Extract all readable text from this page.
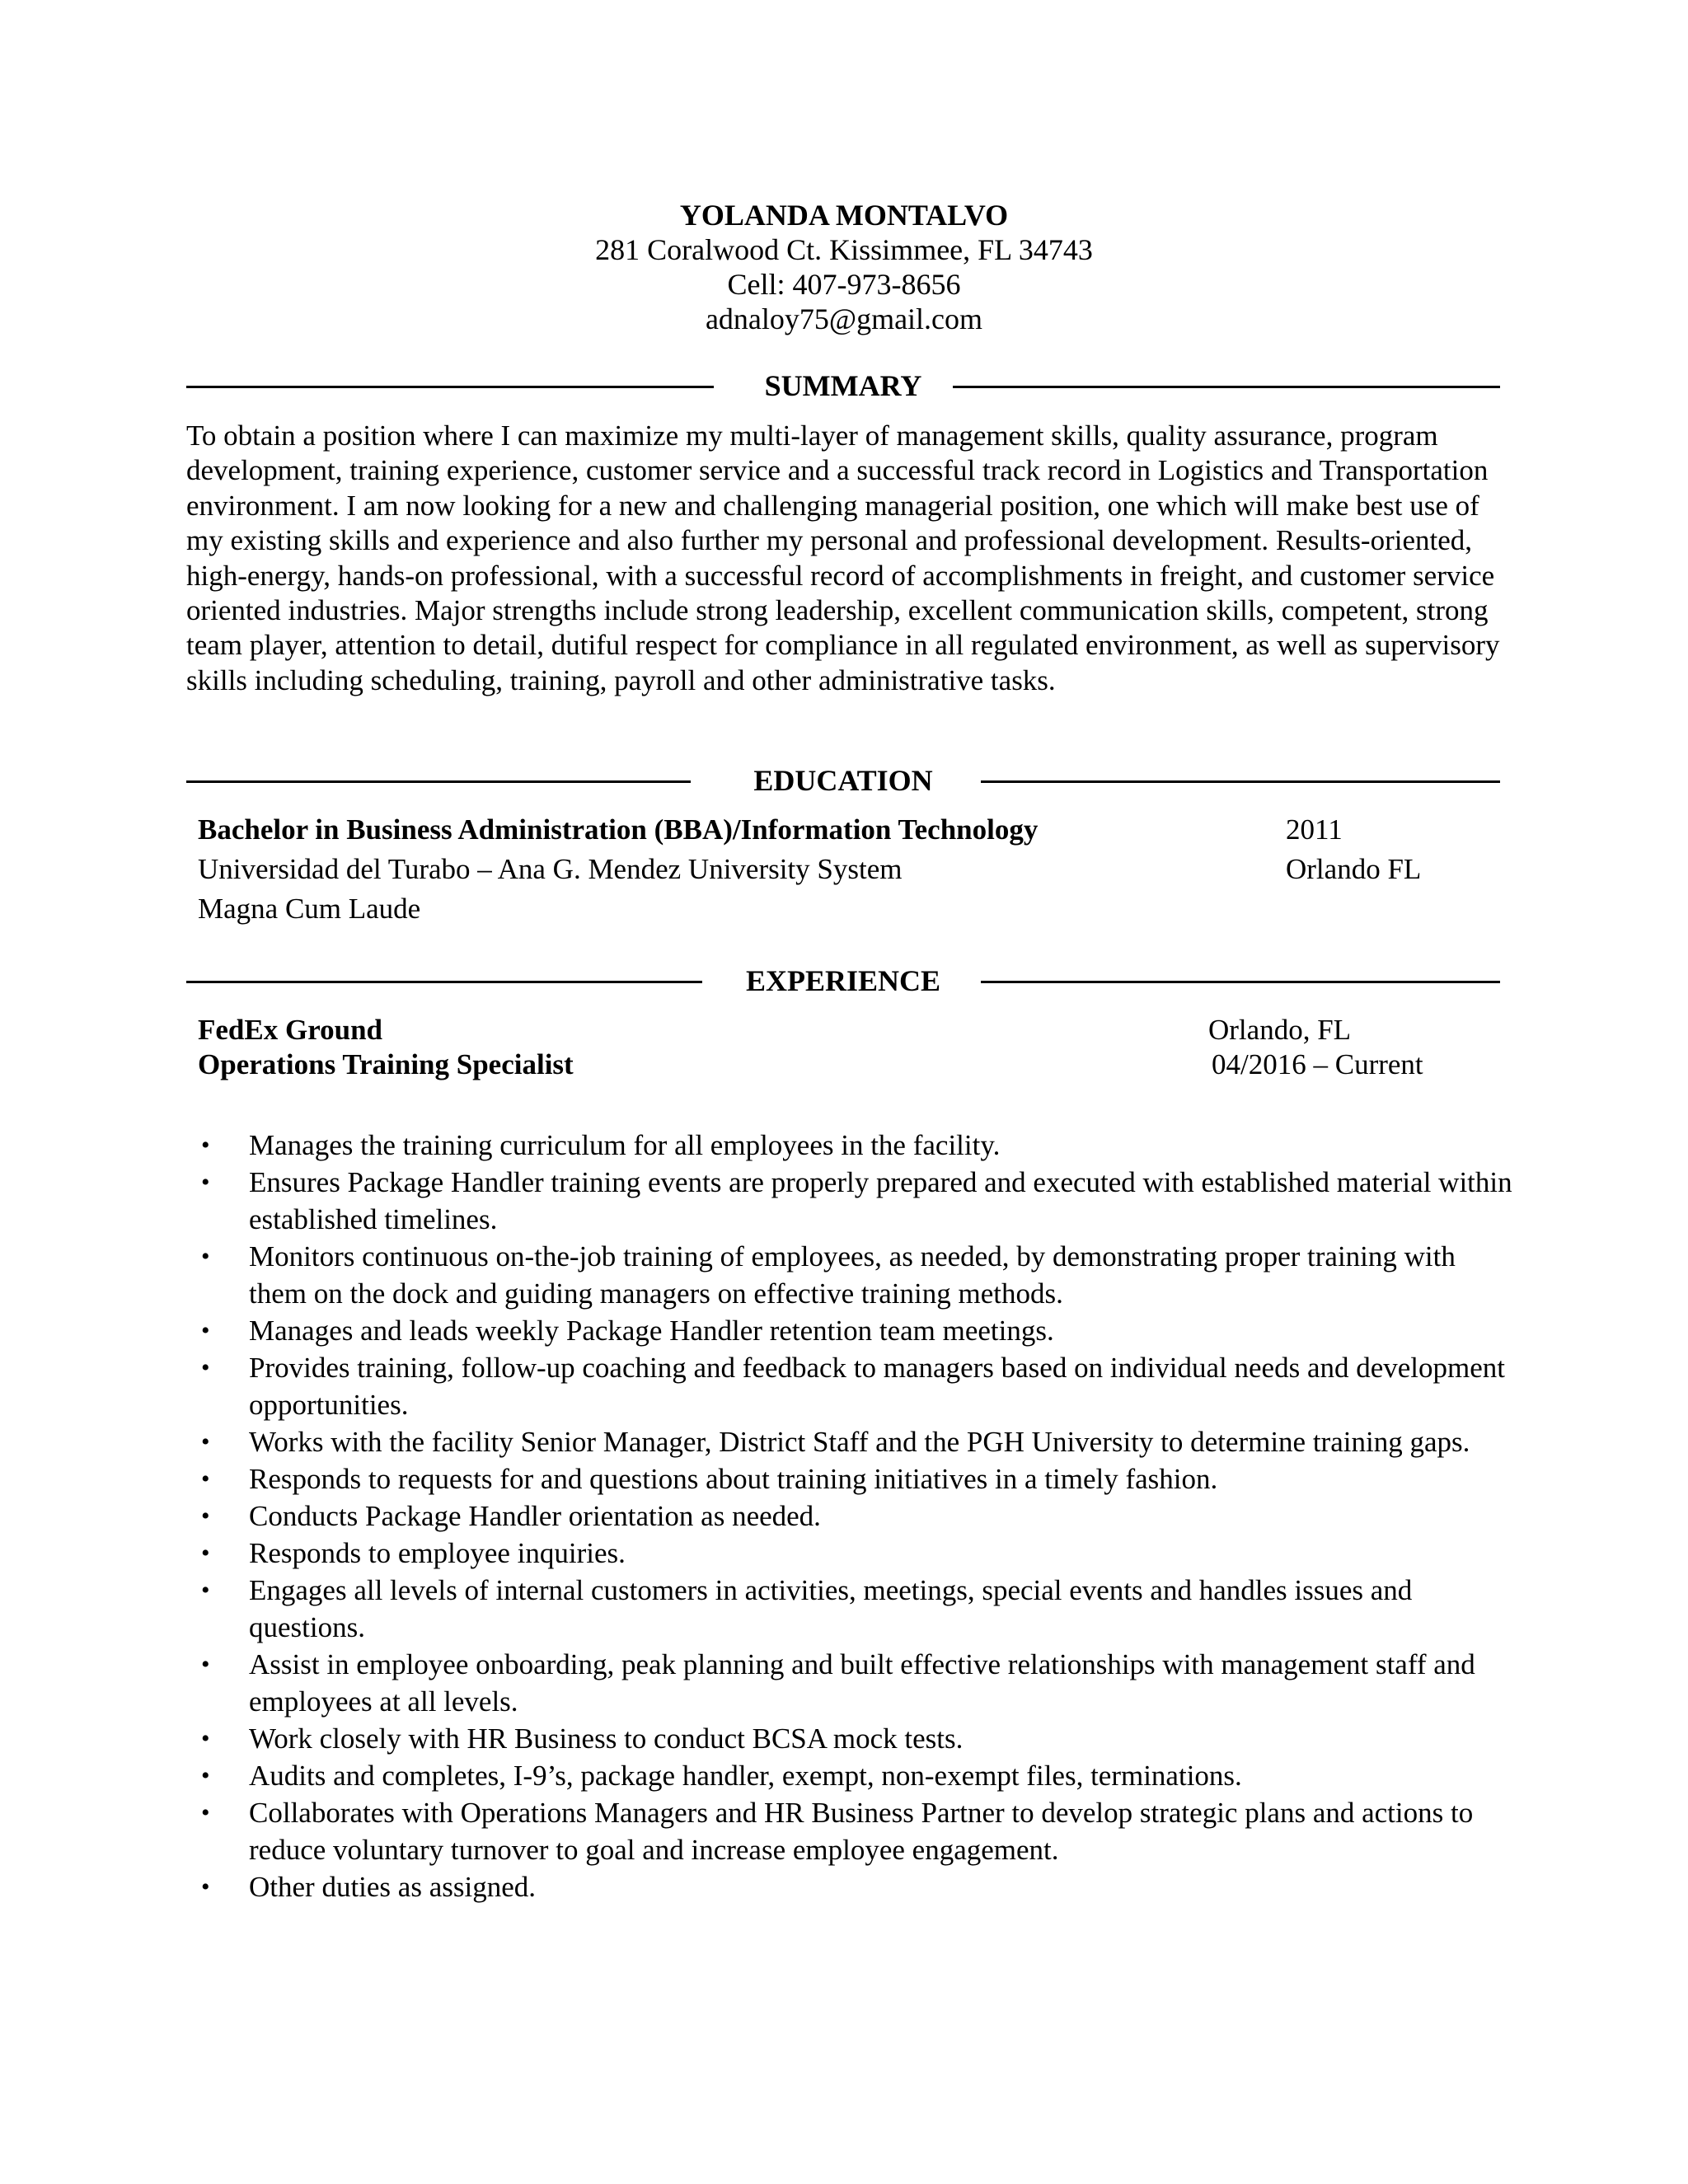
YOLANDA MONTALVO
281 Coralwood Ct. Kissimmee, FL 34743
Cell: 407-973-8656
adnaloy75@gmail.com
SUMMARY
To obtain a position where I can maximize my multi-layer of management skills, quality assurance, program development, training experience, customer service and a successful track record in Logistics and Transportation environment. I am now looking for a new and challenging managerial position, one which will make best use of my existing skills and experience and also further my personal and professional development. Results-oriented, high-energy, hands-on professional, with a successful record of accomplishments in freight, and customer service oriented industries. Major strengths include strong leadership, excellent communication skills, competent, strong team player, attention to detail, dutiful respect for compliance in all regulated environment, as well as supervisory skills including scheduling, training, payroll and other administrative tasks.
EDUCATION
Bachelor in Business Administration (BBA)/Information Technology	2011
Universidad del Turabo – Ana G. Mendez University System	Orlando FL
Magna Cum Laude
EXPERIENCE
FedEx Ground	Orlando, FL
Operations Training Specialist	04/2016 – Current
• Manages the training curriculum for all employees in the facility.
• Ensures Package Handler training events are properly prepared and executed with established material within established timelines.
• Monitors continuous on-the-job training of employees, as needed, by demonstrating proper training with them on the dock and guiding managers on effective training methods.
• Manages and leads weekly Package Handler retention team meetings.
• Provides training, follow-up coaching and feedback to managers based on individual needs and development opportunities.
• Works with the facility Senior Manager, District Staff and the PGH University to determine training gaps.
• Responds to requests for and questions about training initiatives in a timely fashion.
• Conducts Package Handler orientation as needed.
• Responds to employee inquiries.
• Engages all levels of internal customers in activities, meetings, special events and handles issues and questions.
• Assist in employee onboarding, peak planning and built effective relationships with management staff and employees at all levels.
• Work closely with HR Business to conduct BCSA mock tests.
• Audits and completes, I-9’s, package handler, exempt, non-exempt files, terminations.
• Collaborates with Operations Managers and HR Business Partner to develop strategic plans and actions to reduce voluntary turnover to goal and increase employee engagement.
• Other duties as assigned.
